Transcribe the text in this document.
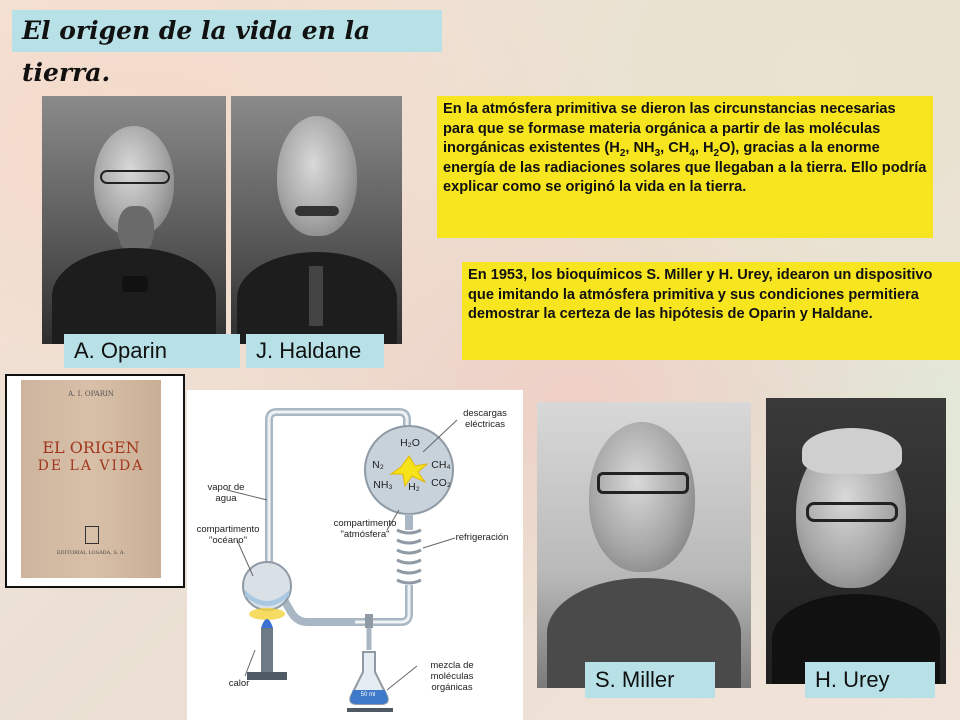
El origen de la vida en la tierra.
A. Oparin	J. Haldane
En la atmósfera primitiva se dieron las circunstancias necesarias para que se formase materia orgánica a partir de las moléculas inorgánicas existentes ($H_2$, $NH_3$, $CH_4$, $H_2O$), gracias a la enorme energía de las radiaciones solares que llegaban a la tierra. Ello podría explicar como se originó la vida en la tierra.
En 1953, los bioquímicos S. Miller y H. Urey, idearon un dispositivo que imitando la atmósfera primitiva y sus condiciones permitiera demostrar la certeza de las hipótesis de Oparin y Haldane.
A. I. OPARIN
EL ORIGEN
DE LA VIDA
EDITORIAL LOSADA, S. A.
descargas eléctricas
vapor de agua
compartimento "océano"
compartimento "atmósfera"	refrigeración
calor
mezcla de moléculas orgánicas
H₂O
N₂	CH₄
NH₃	H₂	CO₂
50 ml
S. Miller	H. Urey
